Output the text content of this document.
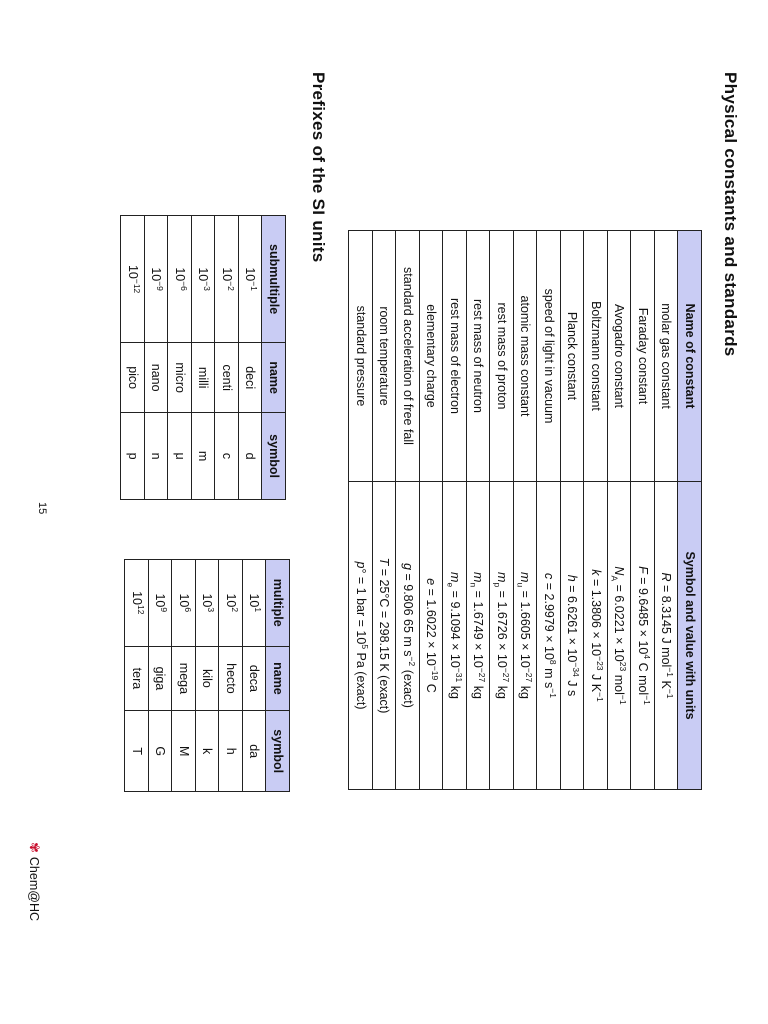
Physical constants and standards
Name of constant	Symbol and value with units
molar gas constant	R = 8.3145 J mol$^{-1}$ $K^{-1}$
Faraday constant	$F = 9.6485 \times 10^4$ C mol$^{-1}$
Avogadro constant	$N_A = 6.0221 \times 10^{23}$ mol$^{-1}$
Boltzmann constant	$k = 1.3806 \times 10^{-23}$ J $K^{-1}$
Planck constant	$h = 6.6261 \times 10^{-34}$ J s
speed of light in vacuum	$c = 2.9979 \times 10^8$ m $s^{-1}$
atomic mass constant	$m_u = 1.6605 \times 10^{-27}$ kg
rest mass of proton	$m_p = 1.6726 \times 10^{-27}$ kg
rest mass of neutron	$m_n = 1.6749 \times 10^{-27}$ kg
rest mass of electron	$m_e = 9.1094 \times 10^{-31}$ kg
elementary charge	$e = 1.6022 \times 10^{-19}$ C
standard acceleration of free fall	g = 9.806 65 m $s^{-2}$ (exact)
room temperature	T = 25°C = 298.15 K (exact)
standard pressure	p° = 1 bar = $10^5$ Pa (exact)
Prefixes of the SI units
submultiple	name	symbol
$10^{-1}$	deci	d
$10^{-2}$	centi	c
$10^{-3}$	milli	m
$10^{-6}$	micro	μ
$10^{-9}$	nano	n
$10^{-12}$	pico	p
multiple	name	symbol
$10^1$	deca	da
$10^2$	hecto	h
$10^3$	kilo	k
$10^6$	mega	M
$10^9$	giga	G
$10^{12}$	tera	T
15
✾
Chem@HC
